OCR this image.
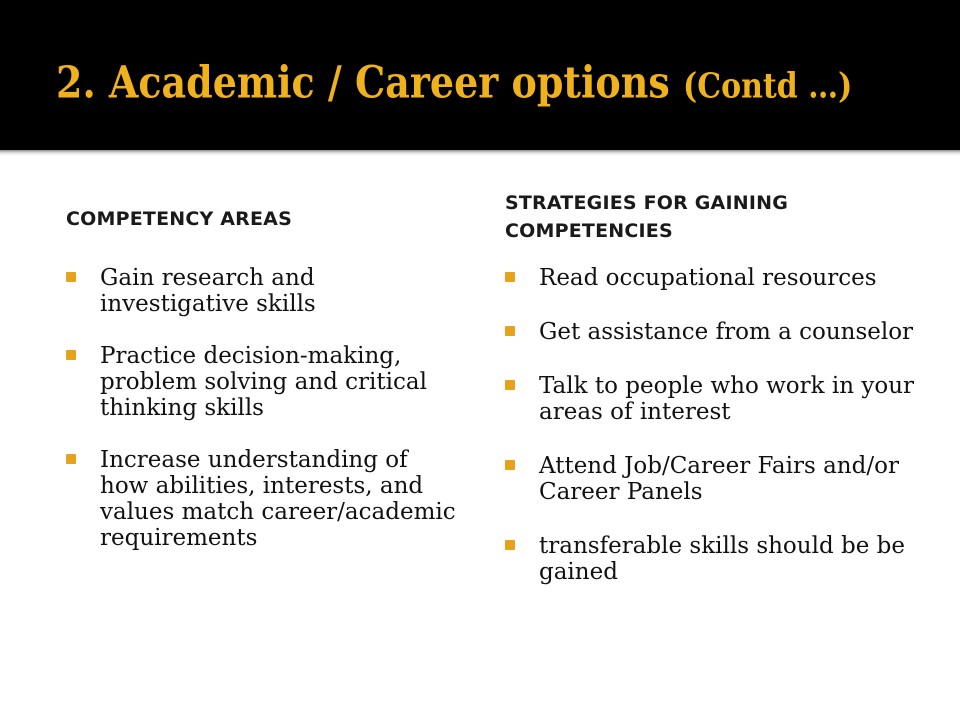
2. Academic / Career options (Contd …)
COMPETENCY AREAS
STRATEGIES FOR GAINING COMPETENCIES
Gain research and investigative skills
Practice decision-making, problem solving and critical thinking skills
Increase understanding of how abilities, interests, and values match career/academic requirements
Read occupational resources
Get assistance from a counselor
Talk to people who work in your areas of interest
Attend Job/Career Fairs and/or Career Panels
transferable skills should be be gained
